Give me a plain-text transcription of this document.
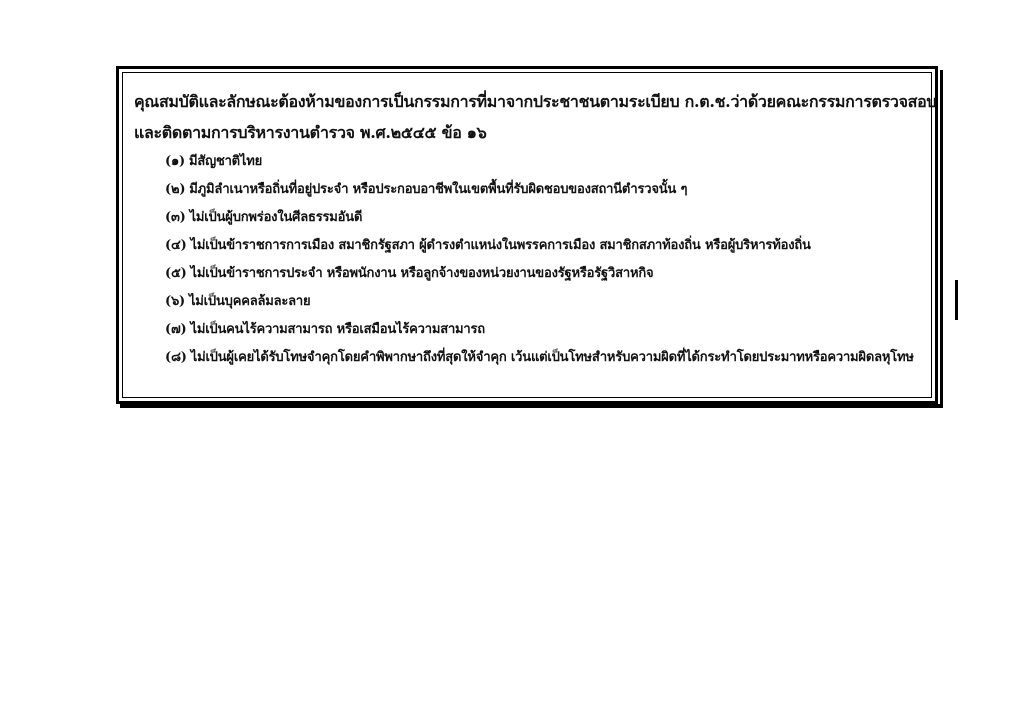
คุณสมบัติและลักษณะต้องห้ามของการเป็นกรรมการที่มาจากประชาชนตามระเบียบ ก.ต.ช.ว่าด้วยคณะกรรมการตรวจสอบ
และติดตามการบริหารงานตำรวจ พ.ศ.๒๕๔๕ ข้อ ๑๖
(๑) มีสัญชาติไทย
(๒) มีภูมิลำเนาหรือถิ่นที่อยู่ประจำ หรือประกอบอาชีพในเขตพื้นที่รับผิดชอบของสถานีตำรวจนั้น ๆ
(๓) ไม่เป็นผู้บกพร่องในศีลธรรมอันดี
(๔) ไม่เป็นข้าราชการการเมือง สมาชิกรัฐสภา ผู้ดำรงตำแหน่งในพรรคการเมือง สมาชิกสภาท้องถิ่น หรือผู้บริหารท้องถิ่น
(๕) ไม่เป็นข้าราชการประจำ หรือพนักงาน หรือลูกจ้างของหน่วยงานของรัฐหรือรัฐวิสาหกิจ
(๖) ไม่เป็นบุคคลล้มละลาย
(๗) ไม่เป็นคนไร้ความสามารถ หรือเสมือนไร้ความสามารถ
(๘) ไม่เป็นผู้เคยได้รับโทษจำคุกโดยคำพิพากษาถึงที่สุดให้จำคุก เว้นแต่เป็นโทษสำหรับความผิดที่ได้กระทำโดยประมาทหรือความผิดลหุโทษ
